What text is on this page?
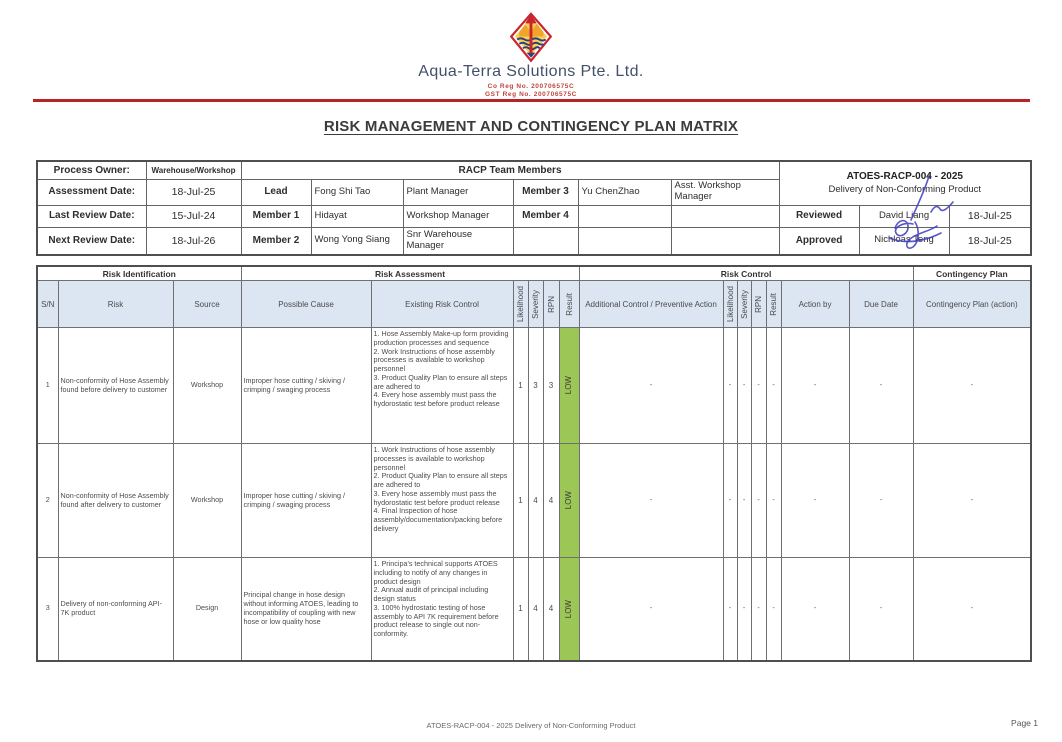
Aqua-Terra Solutions Pte. Ltd.
Co Reg No. 200706575C
GST Reg No. 200706575C
RISK MANAGEMENT AND CONTINGENCY PLAN MATRIX
Process Owner:	Warehouse/Workshop	RACP Team Members						ATOES-RACP-004 - 2025
Delivery of Non-Conforming Product		

Assessment Date:	18-Jul-25	Lead	Fong Shi Tao	Plant Manager	Member 3	Yu ChenZhao	Asst. Workshop Manager			
Last Review Date:	15-Jul-24	Member 1	Hidayat	Workshop Manager	Member 4			Reviewed	David Liang	18-Jul-25
Next Review Date:	18-Jul-26	Member 2	Wong Yong Siang	Snr Warehouse Manager				Approved	Nichloas Teng	18-Jul-25
Risk Identification			Risk Assessment						Risk Control							Contingency Plan
S/N	Risk	Source	Possible Cause	Existing Risk Control	Likelihood	Severity	RPN	Result	Additional Control / Preventive Action	Likelihood	Severity	RPN	Result	Action by	Due Date	Contingency Plan (action)
1	Non-conformity of Hose Assembly found before delivery to customer	Workshop	Improper hose cutting / skiving / crimping / swaging process	1. Hose Assembly Make-up form providing production processes and sequence
2. Work Instructions of hose assembly processes is available to workshop personnel
3. Product Quality Plan to ensure all steps are adhered to
4. Every hose assembly must pass the hydorostatic test before product release	1	3	3	LOW	-	-	-	-	-	-	-	-
2	Non-conformity of Hose Assembly found after delivery to customer	Workshop	Improper hose cutting / skiving / crimping / swaging process	1. Work Instructions of hose assembly processes is available to workshop personnel
2. Product Quality Plan to ensure all steps are adhered to
3. Every hose assembly must pass the hydorostatic test before product release
4. Final Inspection of hose assembly/documentation/packing before delivery	1	4	4	LOW	-	-	-	-	-	-	-	-
3	Delivery of non-conforming API-7K product	Design	Principal change in hose design without informing ATOES, leading to incompatibility of coupling with new hose or low quality hose	1. Principa's technical supports ATOES including to notify of any changes in product design
2. Annual audit of principal including design status
3. 100% hydrostatic testing of hose assembly to API 7K requirement before product release to single out non-conformity.	1	4	4	LOW	-	-	-	-	-	-	-	-
ATOES-RACP-004 - 2025 Delivery of Non-Conforming Product	Page 1
